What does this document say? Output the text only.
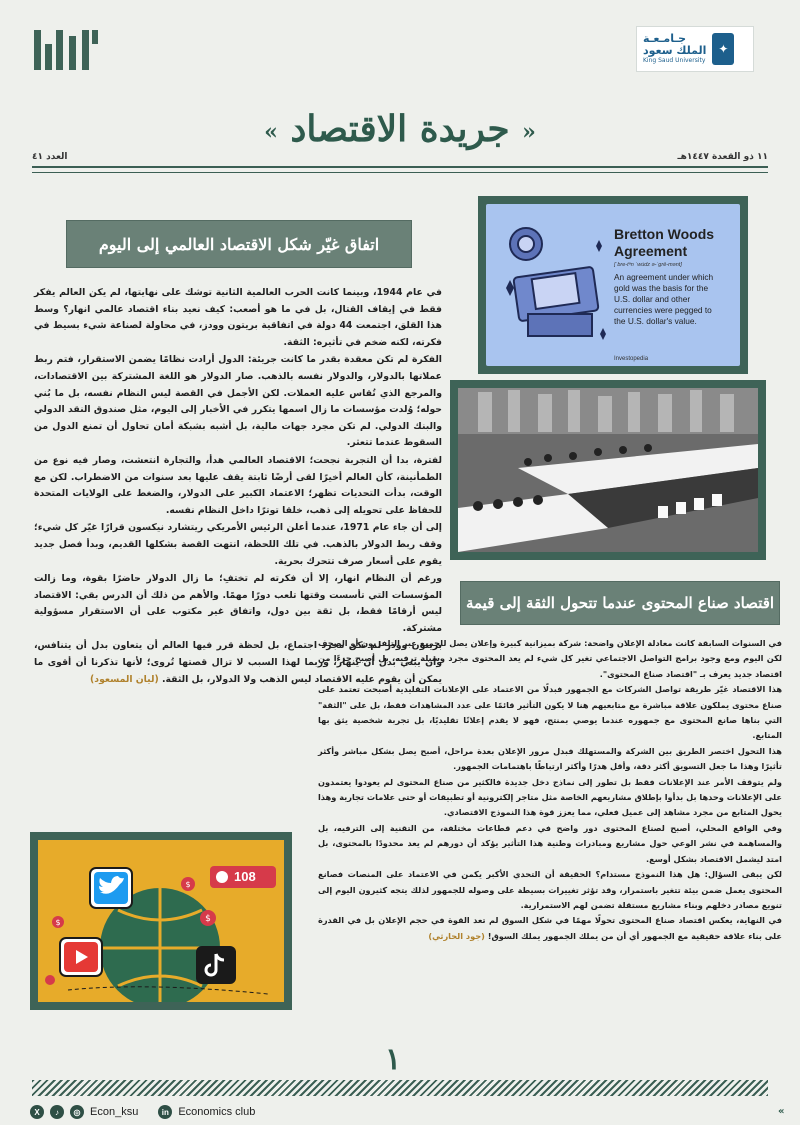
جـامـعـة
الملك سعود
King Saud University
✦
« جريدة الاقتصاد »
١١ ذو القعدة ١٤٤٧هـ
العدد ٤١
اتفاق غيّر شكل الاقتصاد العالمي إلى اليوم

في عام 1944، وبينما كانت الحرب العالمية الثانية توشك على نهايتها، لم يكن العالم يفكر فقط في إيقاف القتال، بل في ما هو أصعب: كيف نعيد بناء اقتصاد عالمي انهار؟ وسط هذا القلق، اجتمعت 44 دولة في اتفاقية بريتون وودز، في محاولة لصناعة شيء بسيط في فكرته، لكنه ضخم في تأثيره: الثقة.

الفكرة لم تكن معقدة بقدر ما كانت جريئة: الدول أرادت نظامًا يضمن الاستقرار، فتم ربط عملاتها بالدولار، والدولار نفسه بالذهب. صار الدولار هو اللغة المشتركة بين الاقتصادات، والمرجع الذي تُقاس عليه العملات. لكن الأجمل في القصة ليس النظام نفسه، بل ما بُني حوله؛ وُلدت مؤسسات ما زال اسمها يتكرر في الأخبار إلى اليوم، مثل صندوق النقد الدولي والبنك الدولي. لم تكن مجرد جهات مالية، بل أشبه بشبكة أمان تحاول أن تمنع الدول من السقوط عندما تتعثر.

لفترة، بدا أن التجربة نجحت؛ الاقتصاد العالمي هدأ، والتجارة انتعشت، وصار فيه نوع من الطمأنينة، كأن العالم أخيرًا لقى أرضًا ثابتة يقف عليها بعد سنوات من الاضطراب. لكن مع الوقت، بدأت التحديات تظهر؛ الاعتماد الكبير على الدولار، والضغط على الولايات المتحدة للحفاظ على تحويله إلى ذهب، خلقا توترًا داخل النظام نفسه.

إلى أن جاء عام 1971، عندما أعلن الرئيس الأمريكي ريتشارد نيكسون قرارًا غيّر كل شيء؛ وقف ربط الدولار بالذهب. في تلك اللحظة، انتهت القصة بشكلها القديم، وبدأ فصل جديد يقوم على أسعار صرف تتحرك بحرية.

ورغم أن النظام انهار، إلا أن فكرته لم تختفِ؛ ما زال الدولار حاضرًا بقوة، وما زالت المؤسسات التي تأسست وقتها تلعب دورًا مهمًا. والأهم من ذلك أن الدرس بقي: الاقتصاد ليس أرقامًا فقط، بل ثقة بين دول، واتفاق غير مكتوب على أن الاستقرار مسؤولية مشتركة.

بريتون وودز لم تكن مجرد اجتماع، بل لحظة قرر فيها العالم أن يتعاون بدل أن يتنافس، وأن يبني بدل أن ينهار، وربما لهذا السبب لا تزال قصتها تُروى؛ لأنها تذكرنا أن أقوى ما يمكن أن يقوم عليه الاقتصاد ليس الذهب ولا الدولار، بل الثقة. (ليان المسعود)

Bretton Woods Agreement
[ˈbre-tᵊn ˈwu̇dz ə-ˈgrē-mənt]
An agreement under which gold was the basis for the U.S. dollar and other currencies were pegged to the U.S. dollar's value.
Investopedia
اقتصاد صناع المحتوى عندما تتحول الثقة إلى قيمة

في السنوات السابقة كانت معادلة الإعلان واضحة: شركة بميزانية كبيرة وإعلان يصل للجميع عبر التلفزيون أو الصحف لكن اليوم ومع وجود برامج التواصل الاجتماعي تغير كل شيء لم يعد المحتوى مجرد وسيلة ترفيه، بل أصبح جزءًا من اقتصاد جديد يعرف بـ "اقتصاد صناع المحتوى".

هذا الاقتصاد غيّر طريقة تواصل الشركات مع الجمهور فبدلًا من الاعتماد على الإعلانات التقليدية أصبحت تعتمد على صناع محتوى يملكون علاقة مباشرة مع متابعيهم هنا لا يكون التأثير قائمًا على عدد المشاهدات فقط، بل على "الثقة" التي بناها صانع المحتوى مع جمهوره عندما يوصي بمنتج، فهو لا يقدم إعلانًا تقليديًا، بل تجربة شخصية يثق بها المتابع.

هذا التحول اختصر الطريق بين الشركة والمستهلك فبدل مرور الإعلان بعدة مراحل، أصبح يصل بشكل مباشر وأكثر تأثيرًا وهذا ما جعل التسويق أكثر دقة، وأقل هدرًا وأكثر ارتباطًا باهتمامات الجمهور.

ولم يتوقف الأمر عند الإعلانات فقط بل تطور إلى نماذج دخل جديدة فالكثير من صناع المحتوى لم يعودوا يعتمدون على الإعلانات وحدها بل بدأوا بإطلاق مشاريعهم الخاصة مثل متاجر إلكترونية أو تطبيقات أو حتى علامات تجارية وهذا يحول المتابع من مجرد مشاهد إلى عميل فعلي، مما يعزز قوة هذا النموذج الاقتصادي.

وفي الواقع المحلي، أصبح لصناع المحتوى دور واضح في دعم قطاعات مختلفة، من التقنية إلى الترفيه، بل والمساهمة في نشر الوعي حول مشاريع ومبادرات وطنية هذا التأثير يؤكد أن دورهم لم يعد محدودًا بالمحتوى، بل امتد ليشمل الاقتصاد بشكل أوسع.

لكن يبقى السؤال: هل هذا النموذج مستدام؟ الحقيقة أن التحدي الأكبر يكمن في الاعتماد على المنصات فصانع المحتوى يعمل ضمن بيئة تتغير باستمرار، وقد تؤثر تغييرات بسيطة على وصوله للجمهور لذلك يتجه كثيرون اليوم إلى تنويع مصادر دخلهم وبناء مشاريع مستقلة تضمن لهم الاستمرارية.

في النهاية، يعكس اقتصاد صناع المحتوى تحولًا مهمًا في شكل السوق لم تعد القوة في حجم الإعلان بل في القدرة على بناء علاقة حقيقية مع الجمهور أي أن من يملك الجمهور يملك السوق! (جود الحارثي)

$
$
$
108
١
X	♪	◎ Econ_ksu	in Economics club	«
